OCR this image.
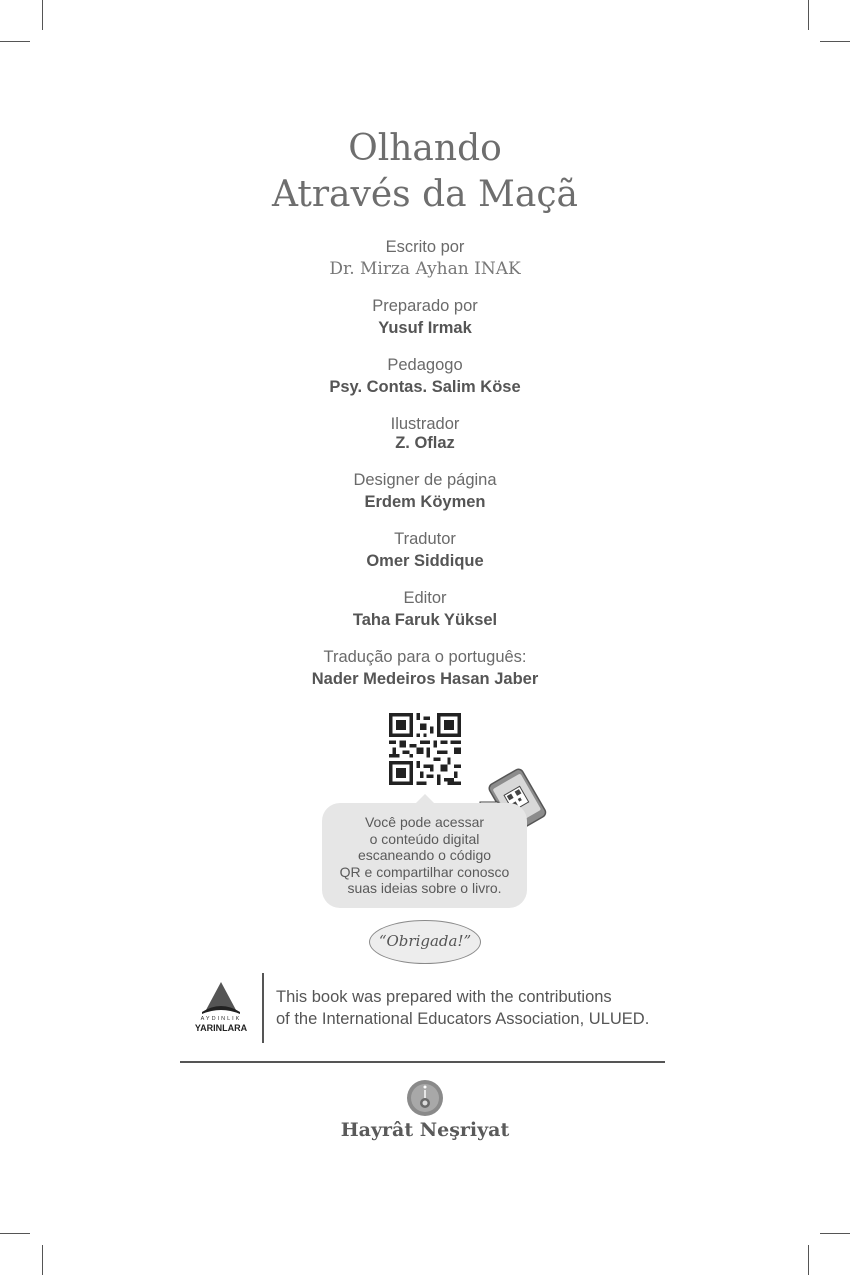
Olhando
Através da Maçã
Escrito por
Dr. Mirza Ayhan INAK
Preparado por
Yusuf Irmak
Pedagogo
Psy. Contas. Salim Köse
Ilustrador
Z. Oflaz
Designer de página
Erdem Köymen
Tradutor
Omer Siddique
Editor
Taha Faruk Yüksel
Tradução para o português:
Nader Medeiros Hasan Jaber
Você pode acessar
o conteúdo digital
escaneando o código
QR e compartilhar conosco
suas ideias sobre o livro.
“Obrigada!”
AYDINLIK
YARINLARA
This book was prepared with the contributions
of the International Educators Association, ULUED.
Hayrât Neşriyat
